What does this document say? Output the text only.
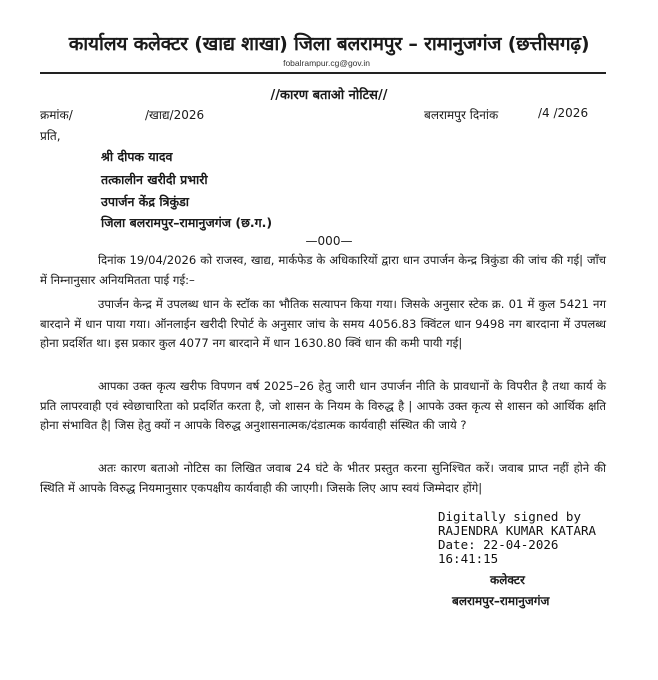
कार्यालय कलेक्टर (खाद्य शाखा) जिला बलरामपुर – रामानुजगंज (छत्तीसगढ़)
fobalrampur.cg@gov.in
//कारण बताओ नोटिस//
क्रमांक/	/खाद्य/2026	बलरामपुर दिनांक	/4 /2026
प्रति,
श्री दीपक यादव
तत्कालीन खरीदी प्रभारी
उपार्जन केंद्र त्रिकुंडा
जिला बलरामपुर–रामानुजगंज (छ.ग.)
—000—
दिनांक 19/04/2026 को राजस्व, खाद्य, मार्कफेड के अधिकारियों द्वारा धान उपार्जन केन्द्र त्रिकुंडा की जांच की गई| जाँच में निम्नानुसार अनियमितता पाई गई:–
उपार्जन केन्द्र में उपलब्ध धान के स्टॉक का भौतिक सत्यापन किया गया। जिसके अनुसार स्टेक क्र. 01 में कुल 5421 नग बारदाने में धान पाया गया। ऑनलाईन खरीदी रिपोर्ट के अनुसार जांच के समय 4056.83 क्विंटल धान 9498 नग बारदाना में उपलब्ध होना प्रदर्शित था। इस प्रकार कुल 4077 नग बारदाने में धान 1630.80 क्विं धान की कमी पायी गई|
आपका उक्त कृत्य खरीफ विपणन वर्ष 2025–26 हेतु जारी धान उपार्जन नीति के प्रावधानों के विपरीत है तथा कार्य के प्रति लापरवाही एवं स्वेछाचारिता को प्रदर्शित करता है, जो शासन के नियम के विरुद्ध है | आपके उक्त कृत्य से शासन को आर्थिक क्षति होना संभावित है| जिस हेतु क्यों न आपके विरुद्ध अनुशासनात्मक/दंडात्मक कार्यवाही संस्थित की जाये ?
अतः कारण बताओ नोटिस का लिखित जवाब 24 घंटे के भीतर प्रस्तुत करना सुनिश्चित करें। जवाब प्राप्त नहीं होने की स्थिति में आपके विरुद्ध नियमानुसार एकपक्षीय कार्यवाही की जाएगी। जिसके लिए आप स्वयं जिम्मेदार होंगे|
Digitally signed by
RAJENDRA KUMAR KATARA
Date: 22-04-2026
16:41:15
कलेक्टर
बलरामपुर–रामानुजगंज
